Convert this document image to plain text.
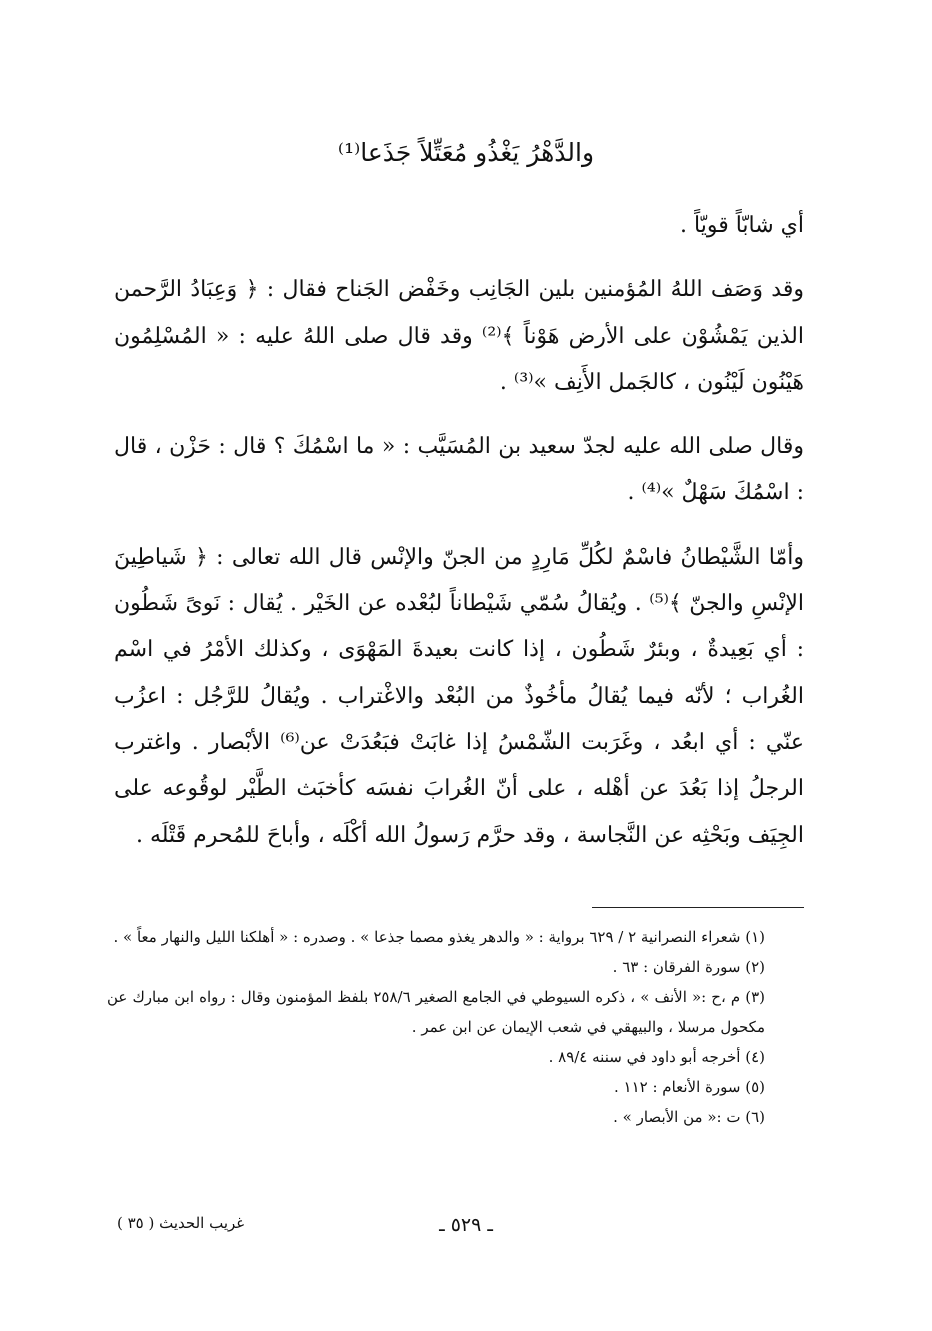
والدَّهْرُ يَغْذُو مُعَتِّلاً جَذَعا⁽¹⁾

أي شابّاً قويّاً .

وقد وَصَف اللهُ المُؤمنين بلين الجَانِب وخَفْض الجَناح فقال : ﴿ وَعِبَادُ الرَّحمن الذين يَمْشُوْن على الأرض هَوْناً ﴾⁽²⁾ وقد قال صلى اللهُ عليه : « المُسْلِمُون هَيْنُون لَيْنُون ، كالجَمل الأَنِف »⁽³⁾ .

وقال صلى الله عليه لجدّ سعيد بن المُسَيَّب : « ما اسْمُكَ ؟ قال : حَزْن ، قال : اسْمُكَ سَهْلٌ »⁽⁴⁾ .

وأمّا الشَّيْطانُ فاسْمٌ لكُلِّ مَارِدٍ من الجنّ والإنْس قال الله تعالى : ﴿ شَياطِينَ الإنْسِ والجنّ ﴾⁽⁵⁾ . ويُقالُ سُمّي شَيْطاناً لبُعْده عن الخَيْر . يُقال : نَوىً شَطُون : أي بَعِيدةٌ ، وبئرٌ شَطُون ، إذا كانت بعيدةَ المَهْوَى ، وكذلك الأمْرُ في اسْم الغُراب ؛ لأنّه فيما يُقالُ مأخُوذٌ من البُعْد والاغْتراب . ويُقالُ للرَّجُل : اعزُب عنّي : أي ابعُد ، وغَرَبت الشّمْسُ إذا غابَتْ فبَعُدَتْ عن⁽⁶⁾ الأبْصار . واغترب الرجلُ إذا بَعُدَ عن أهْله ، على أنّ الغُرابَ نفسَه كأخبَث الطَّيْر لوقُوعه على الجِيَف وبَحْثِه عن النَّجاسة ، وقد حرَّم رَسولُ الله أكْلَه ، وأباحَ للمُحرم قَتْلَه .

(١) شعراء النصرانية ٢ / ٦٢٩ برواية : « والدهر يغذو مصما جذعا » . وصدره : « أهلكنا الليل والنهار معاً » .

(٢) سورة الفرقان : ٦٣ .

(٣) م ،ح :« الأنف » ، ذكره السيوطي في الجامع الصغير ٢٥٨/٦ بلفظ المؤمنون وقال : رواه ابن مبارك عن مكحول مرسلا ، والبيهقي في شعب الإيمان عن ابن عمر .

(٤) أخرجه أبو داود في سننه ٨٩/٤ .

(٥) سورة الأنعام : ١١٢ .

(٦) ت :« من الأبصار » .

غريب الحديث ( ٣٥ )	ـ ٥٢٩ ـ
